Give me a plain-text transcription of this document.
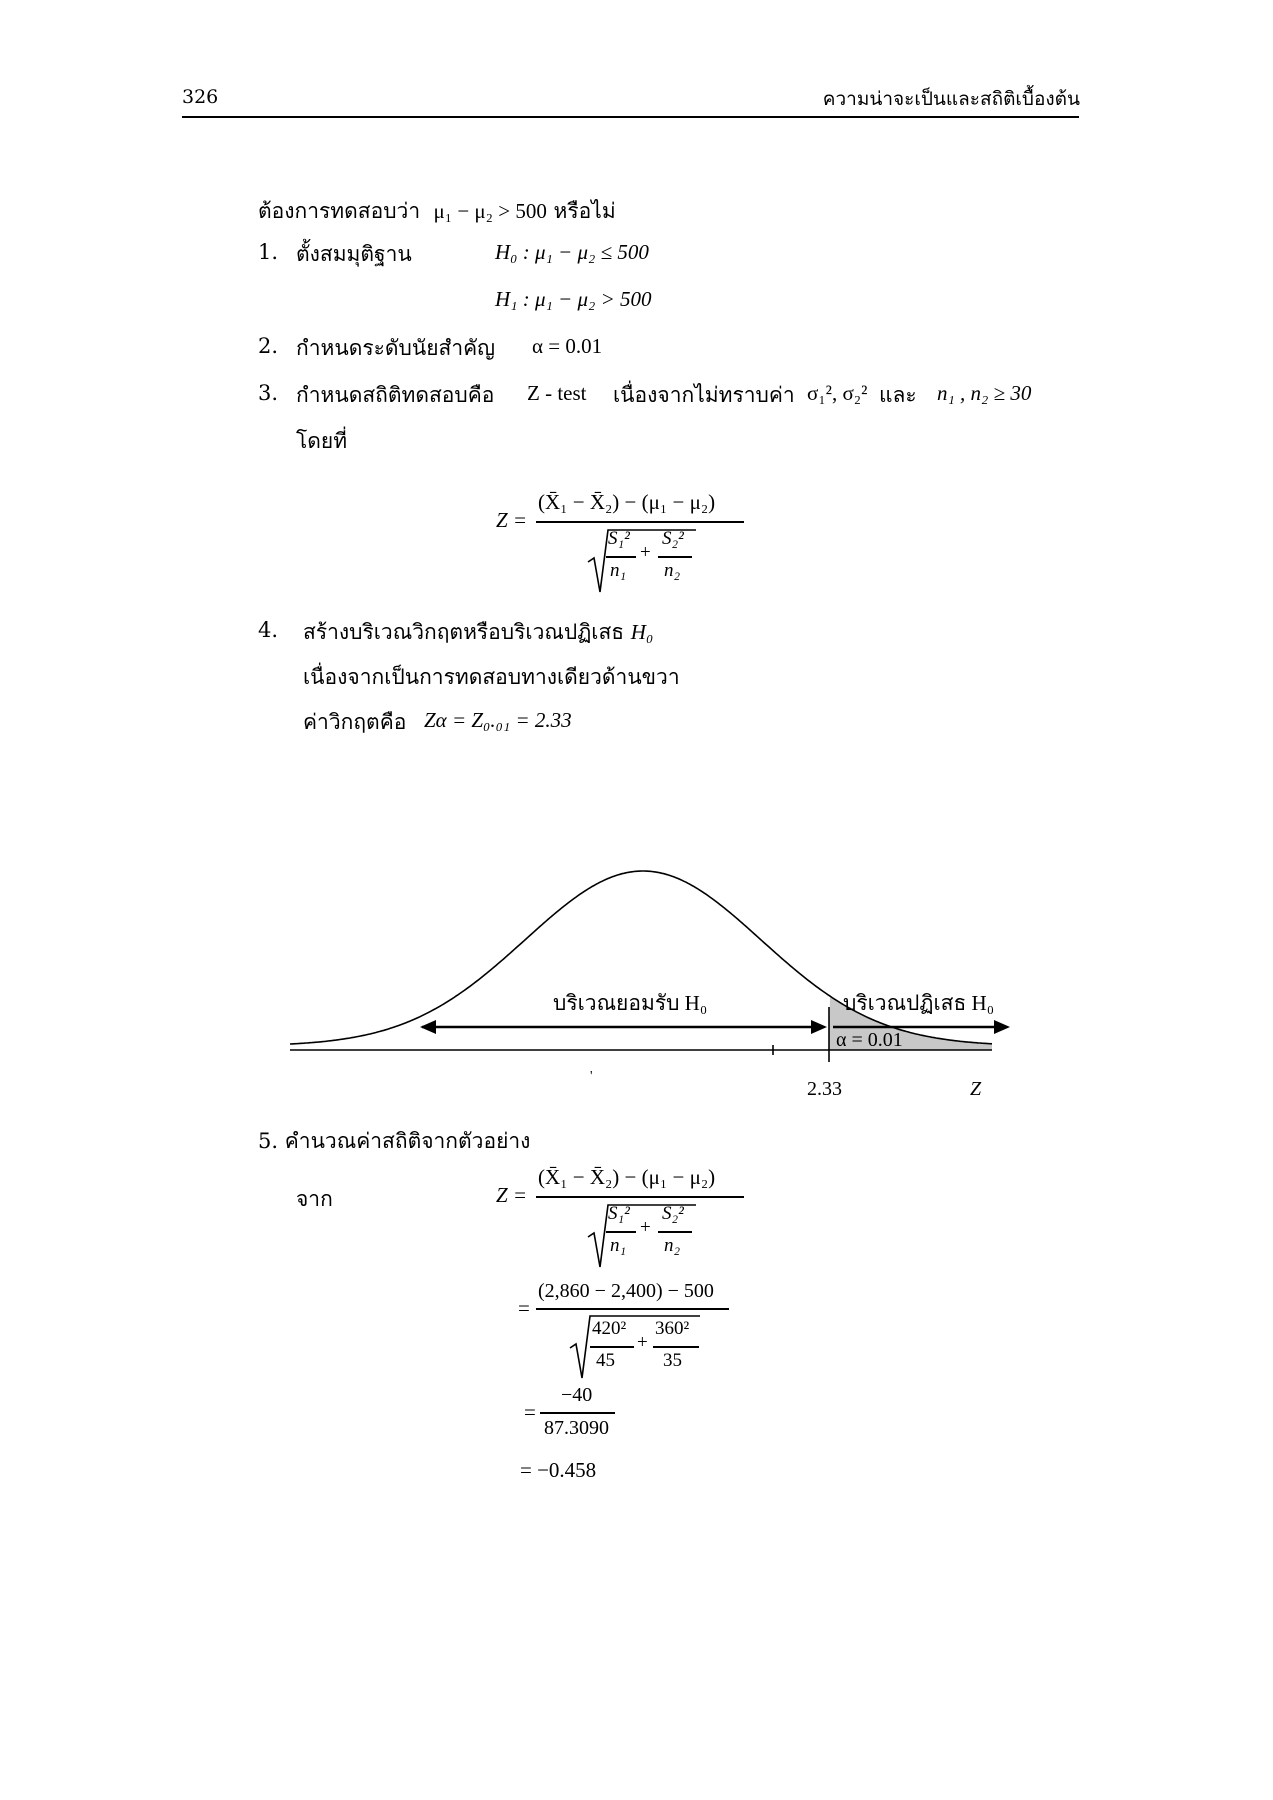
326	ความน่าจะเป็นและสถิติเบื้องต้น
ต้องการทดสอบว่า μ₁ − μ₂ > 500 หรือไม่
1. ตั้งสมมุติฐาน	H₀ : μ₁ − μ₂ ≤ 500
H₁ : μ₁ − μ₂ > 500
2. กำหนดระดับนัยสำคัญ α = 0.01
3. กำหนดสถิติทดสอบคือ Z - test เนื่องจากไม่ทราบค่า σ₁², σ₂² และ n₁ , n₂ ≥ 30
โดยที่
Z =
(X̄₁ − X̄₂) − (μ₁ − μ₂)
S₁²
n₁
+
S₂²
n₂
4. สร้างบริเวณวิกฤตหรือบริเวณปฏิเสธ H₀
เนื่องจากเป็นการทดสอบทางเดียวด้านขวา
ค่าวิกฤตคือ Zα = Z₀.₀₁ = 2.33
บริเวณยอมรับ H₀	บริเวณปฏิเสธ H₀
α = 0.01
2.33	Z
'
5. คำนวณค่าสถิติจากตัวอย่าง
จาก	Z =
(X̄₁ − X̄₂) − (μ₁ − μ₂)
S₁²
n₁
+
S₂²
n₂
=
(2,860 − 2,400) − 500
420²
45
+
360²
35
=
−40
87.3090
= −0.458
